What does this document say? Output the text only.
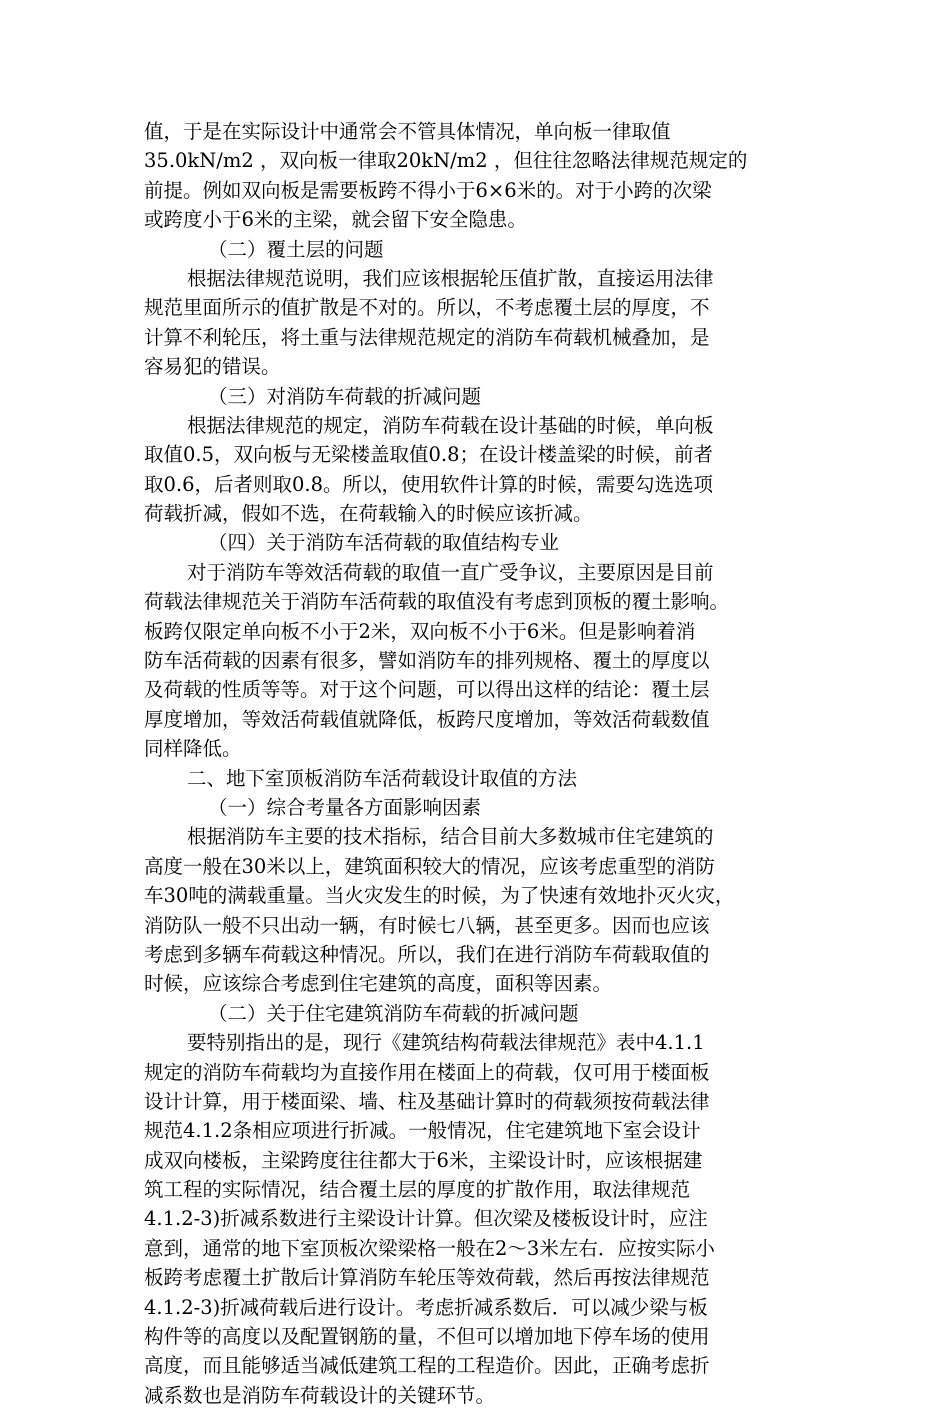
值，于是在实际设计中通常会不管具体情况，单向板一律取值
35.0kN/m2 ，双向板一律取20kN/m2 ，但往往忽略法律规范规定的
前提。例如双向板是需要板跨不得小于6×6米的。对于小跨的次梁
或跨度小于6米的主梁，就会留下安全隐患。
（二）覆土层的问题
根据法律规范说明，我们应该根据轮压值扩散，直接运用法律
规范里面所示的值扩散是不对的。所以，不考虑覆土层的厚度，不
计算不利轮压，将土重与法律规范规定的消防车荷载机械叠加，是
容易犯的错误。
（三）对消防车荷载的折减问题
根据法律规范的规定，消防车荷载在设计基础的时候，单向板
取值0.5，双向板与无梁楼盖取值0.8；在设计楼盖梁的时候，前者
取0.6，后者则取0.8。所以，使用软件计算的时候，需要勾选选项
荷载折减，假如不选，在荷载输入的时候应该折减。
（四）关于消防车活荷载的取值结构专业
对于消防车等效活荷载的取值一直广受争议，主要原因是目前
荷载法律规范关于消防车活荷载的取值没有考虑到顶板的覆土影响。
板跨仅限定单向板不小于2米，双向板不小于6米。但是影响着消
防车活荷载的因素有很多，譬如消防车的排列规格、覆土的厚度以
及荷载的性质等等。对于这个问题，可以得出这样的结论：覆土层
厚度增加，等效活荷载值就降低，板跨尺度增加，等效活荷载数值
同样降低。
二、地下室顶板消防车活荷载设计取值的方法
（一）综合考量各方面影响因素
根据消防车主要的技术指标，结合目前大多数城市住宅建筑的
高度一般在30米以上，建筑面积较大的情况，应该考虑重型的消防
车30吨的满载重量。当火灾发生的时候，为了快速有效地扑灭火灾，
消防队一般不只出动一辆，有时候七八辆，甚至更多。因而也应该
考虑到多辆车荷载这种情况。所以，我们在进行消防车荷载取值的
时候，应该综合考虑到住宅建筑的高度，面积等因素。
（二）关于住宅建筑消防车荷载的折减问题
要特别指出的是，现行《建筑结构荷载法律规范》表中4.1.1
规定的消防车荷载均为直接作用在楼面上的荷载，仅可用于楼面板
设计计算，用于楼面梁、墙、柱及基础计算时的荷载须按荷载法律
规范4.1.2条相应项进行折减。一般情况，住宅建筑地下室会设计
成双向楼板，主梁跨度往往都大于6米，主梁设计时，应该根据建
筑工程的实际情况，结合覆土层的厚度的扩散作用，取法律规范
4.1.2-3)折减系数进行主梁设计计算。但次梁及楼板设计时，应注
意到，通常的地下室顶板次梁梁格一般在2～3米左右．应按实际小
板跨考虑覆土扩散后计算消防车轮压等效荷载，然后再按法律规范
4.1.2-3)折减荷载后进行设计。考虑折减系数后．可以减少梁与板
构件等的高度以及配置钢筋的量，不但可以增加地下停车场的使用
高度，而且能够适当减低建筑工程的工程造价。因此，正确考虑折
减系数也是消防车荷载设计的关键环节。
